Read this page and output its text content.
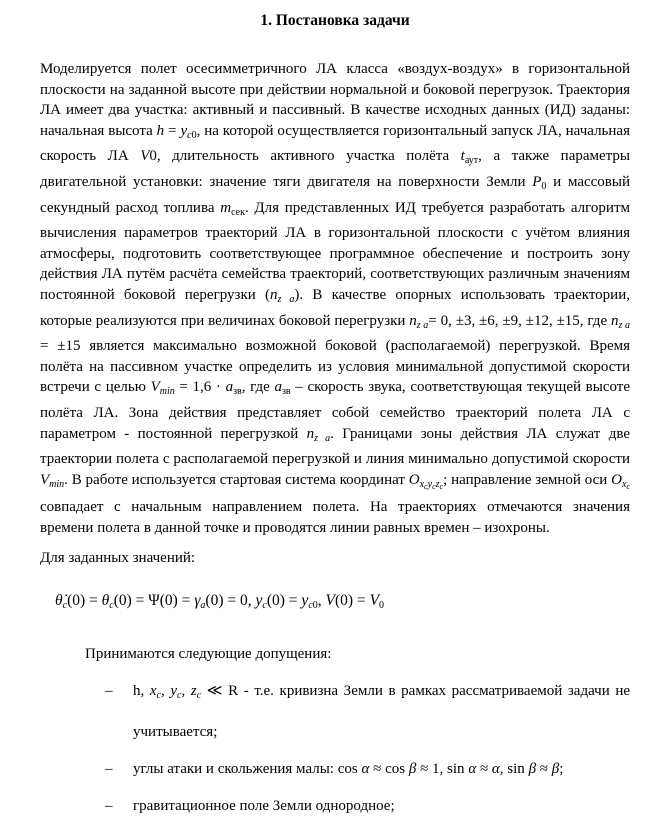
1. Постановка задачи
Моделируется полет осесимметричного ЛА класса «воздух-воздух» в горизонтальной плоскости на заданной высоте при действии нормальной и боковой перегрузок. Траектория ЛА имеет два участка: активный и пассивный. В качестве исходных данных (ИД) заданы: начальная высота $h = y_{c0}$, на которой осуществляется горизонтальный запуск ЛА, начальная скорость ЛА V0, длительность активного участка полёта $t_{аут}$, а также параметры двигательной установки: значение тяги двигателя на поверхности Земли $P_0$ и массовый секундный расход топлива $m_{сек}$. Для представленных ИД требуется разработать алгоритм вычисления параметров траекторий ЛА в горизонтальной плоскости с учётом влияния атмосферы, подготовить соответствующее программное обеспечение и построить зону действия ЛА путём расчёта семейства траекторий, соответствующих различным значениям постоянной боковой перегрузки $(n_{z a})$. В качестве опорных использовать траектории, которые реализуются при величинах боковой перегрузки $n_{z a}= 0$, ±3, ±6, ±9, ±12, ±15, где $n_{z a} = \pm 15$ является максимально возможной боковой (располагаемой) перегрузкой. Время полёта на пассивном участке определить из условия минимальной допустимой скорости встречи с целью $V_{min} = 1,6 \cdot a_{зв}$, где $a_{зв}$ – скорость звука, соответствующая текущей высоте полёта ЛА. Зона действия представляет собой семейство траекторий полета ЛА с параметром - постоянной перегрузкой $n_{z a}$. Границами зоны действия ЛА служат две траектории полета с располагаемой перегрузкой и линия минимально допустимой скорости $V_{min}$. В работе используется стартовая система координат $O_{xcyczc}$; направление земной оси $O_{xc}$ совпадает с начальным направлением полета. На траекториях отмечаются значения времени полета в данной точке и проводятся линии равных времен – изохроны.
Для заданных значений:
θ̇c(0) = θc(0) = Ψ(0) = γa(0) = 0, yc(0) = yc0, V(0) = V0
Принимаются следующие допущения:
–	h, $x_c$, $y_c$, $z_c$ ≪ R - т.е. кривизна Земли в рамках рассматриваемой задачи не учитывается;
–	углы атаки и скольжения малы: cos α ≈ cos β ≈ 1, sin α ≈ α, sin β ≈ β;
–	гравитационное поле Земли однородное;
